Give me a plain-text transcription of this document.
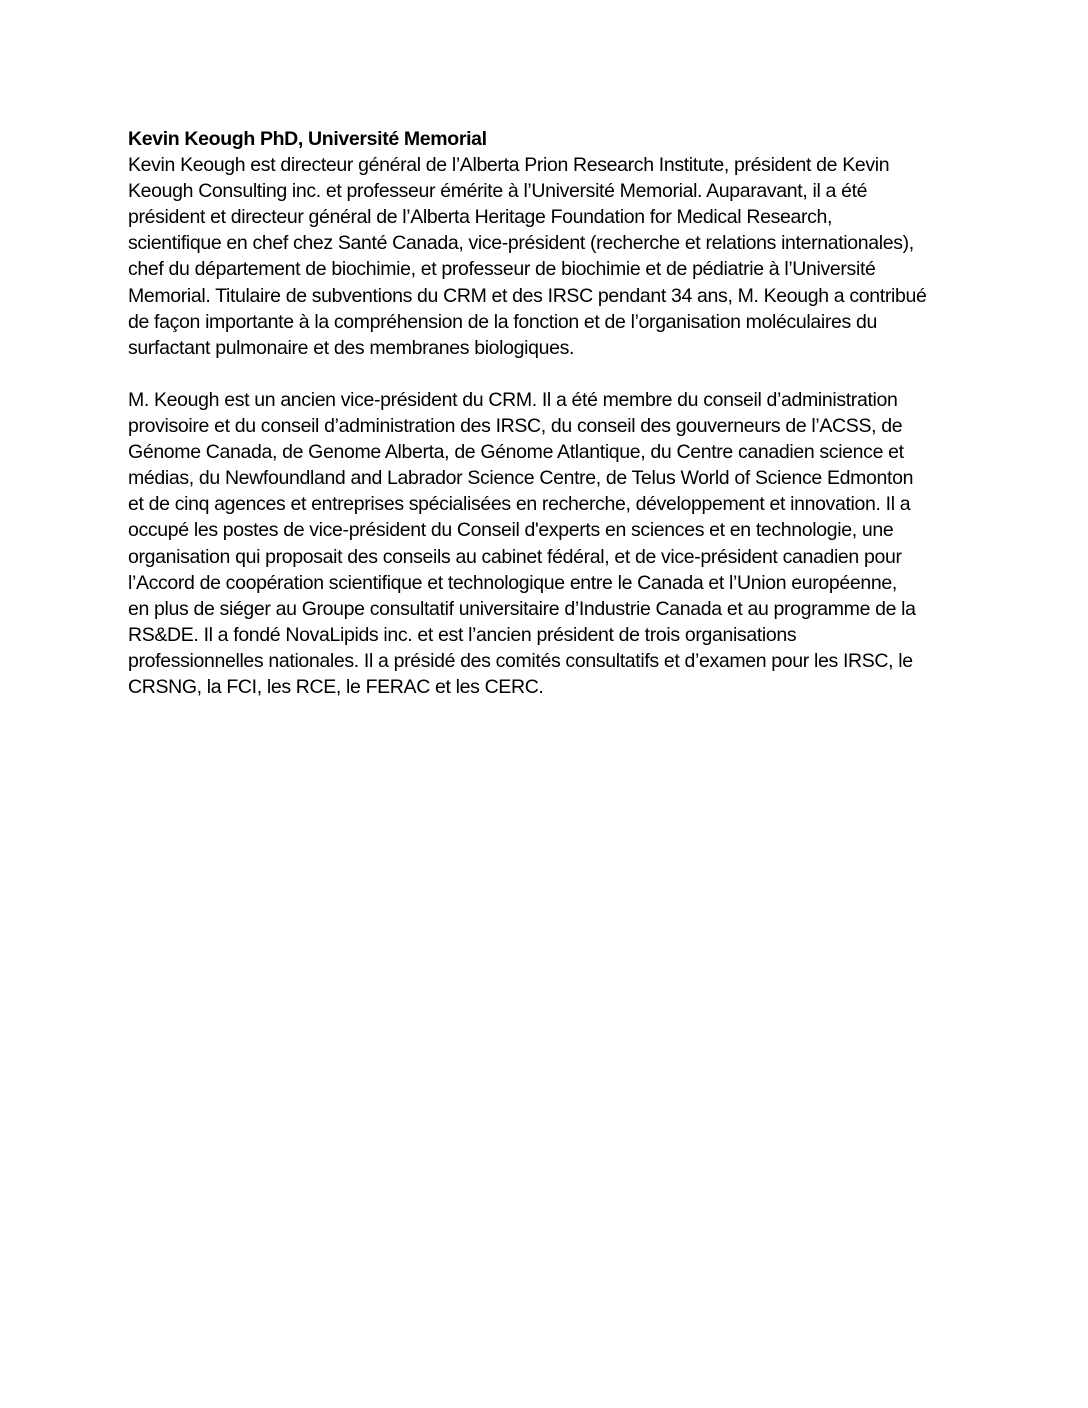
Kevin Keough PhD, Université Memorial
Kevin Keough est directeur général de l’Alberta Prion Research Institute, président de Kevin
Keough Consulting inc. et professeur émérite à l’Université Memorial. Auparavant, il a été
président et directeur général de l’Alberta Heritage Foundation for Medical Research,
scientifique en chef chez Santé Canada, vice-président (recherche et relations internationales),
chef du département de biochimie, et professeur de biochimie et de pédiatrie à l’Université
Memorial. Titulaire de subventions du CRM et des IRSC pendant 34 ans, M. Keough a contribué
de façon importante à la compréhension de la fonction et de l’organisation moléculaires du
surfactant pulmonaire et des membranes biologiques.
M. Keough est un ancien vice-président du CRM. Il a été membre du conseil d’administration
provisoire et du conseil d’administration des IRSC, du conseil des gouverneurs de l’ACSS, de
Génome Canada, de Genome Alberta, de Génome Atlantique, du Centre canadien science et
médias, du Newfoundland and Labrador Science Centre, de Telus World of Science Edmonton
et de cinq agences et entreprises spécialisées en recherche, développement et innovation. Il a
occupé les postes de vice-président du Conseil d'experts en sciences et en technologie, une
organisation qui proposait des conseils au cabinet fédéral, et de vice‑président canadien pour
l’Accord de coopération scientifique et technologique entre le Canada et l’Union européenne,
en plus de siéger au Groupe consultatif universitaire d’Industrie Canada et au programme de la
RS&DE. Il a fondé NovaLipids inc. et est l’ancien président de trois organisations
professionnelles nationales. Il a présidé des comités consultatifs et d’examen pour les IRSC, le
CRSNG, la FCI, les RCE, le FERAC et les CERC.
